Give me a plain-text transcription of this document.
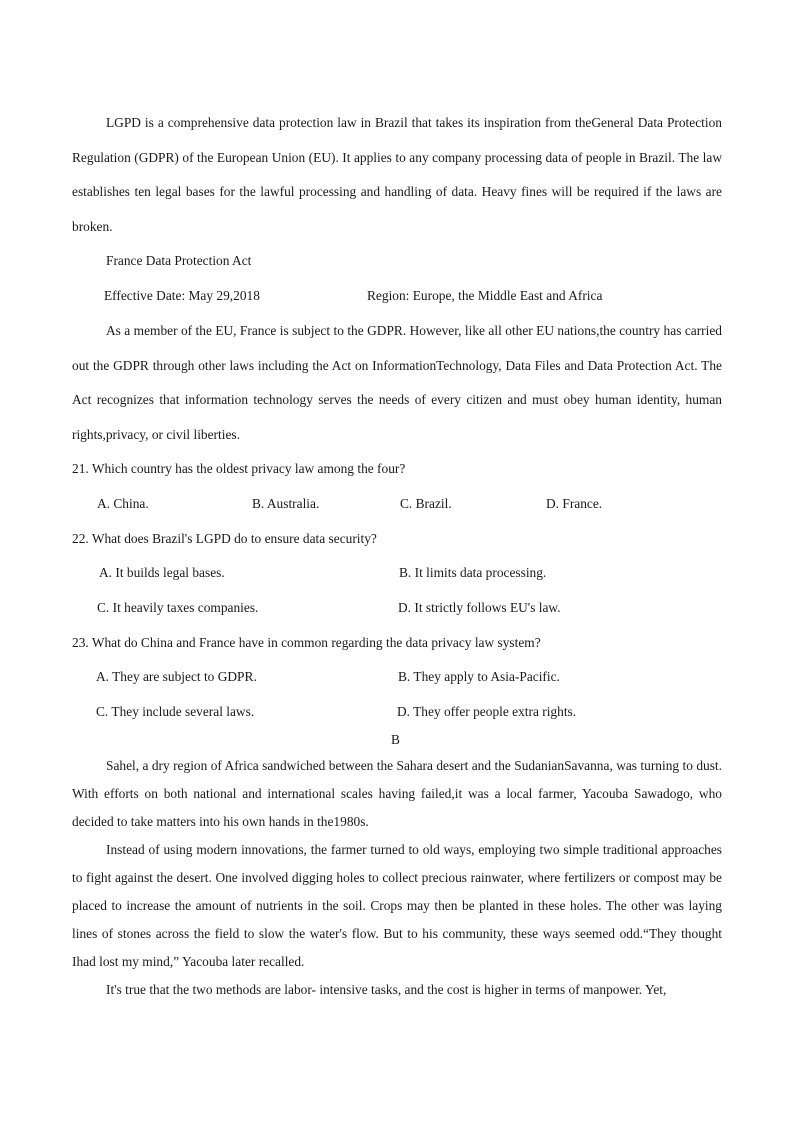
LGPD is a comprehensive data protection law in Brazil that takes its inspiration from theGeneral Data Protection Regulation (GDPR) of the European Union (EU). It applies to any company processing data of people in Brazil. The law establishes ten legal bases for the lawful processing and handling of data. Heavy fines will be required if the laws are broken.

France Data Protection Act

Effective Date: May 29,2018	Region: Europe, the Middle East and Africa

As a member of the EU, France is subject to the GDPR. However, like all other EU nations,the country has carried out the GDPR through other laws including the Act on InformationTechnology, Data Files and Data Protection Act. The Act recognizes that information technology serves the needs of every citizen and must obey human identity, human rights,privacy, or civil liberties.

21. Which country has the oldest privacy law among the four?

A. China.	B. Australia.	C. Brazil.	D. France.

22. What does Brazil's LGPD do to ensure data security?

A. It builds legal bases.	B. It limits data processing.
C. It heavily taxes companies.	D. It strictly follows EU's law.

23. What do China and France have in common regarding the data privacy law system?

A. They are subject to GDPR.	B. They apply to Asia-Pacific.
C. They include several laws.	D. They offer people extra rights.

B

Sahel, a dry region of Africa sandwiched between the Sahara desert and the SudanianSavanna, was turning to dust. With efforts on both national and international scales having failed,it was a local farmer, Yacouba Sawadogo, who decided to take matters into his own hands in the1980s.

Instead of using modern innovations, the farmer turned to old ways, employing two simple traditional approaches to fight against the desert. One involved digging holes to collect precious rainwater, where fertilizers or compost may be placed to increase the amount of nutrients in the soil. Crops may then be planted in these holes. The other was laying lines of stones across the field to slow the water's flow. But to his community, these ways seemed odd.“They thought Ihad lost my mind,” Yacouba later recalled.

It's true that the two methods are labor- intensive tasks, and the cost is higher in terms of manpower. Yet,
